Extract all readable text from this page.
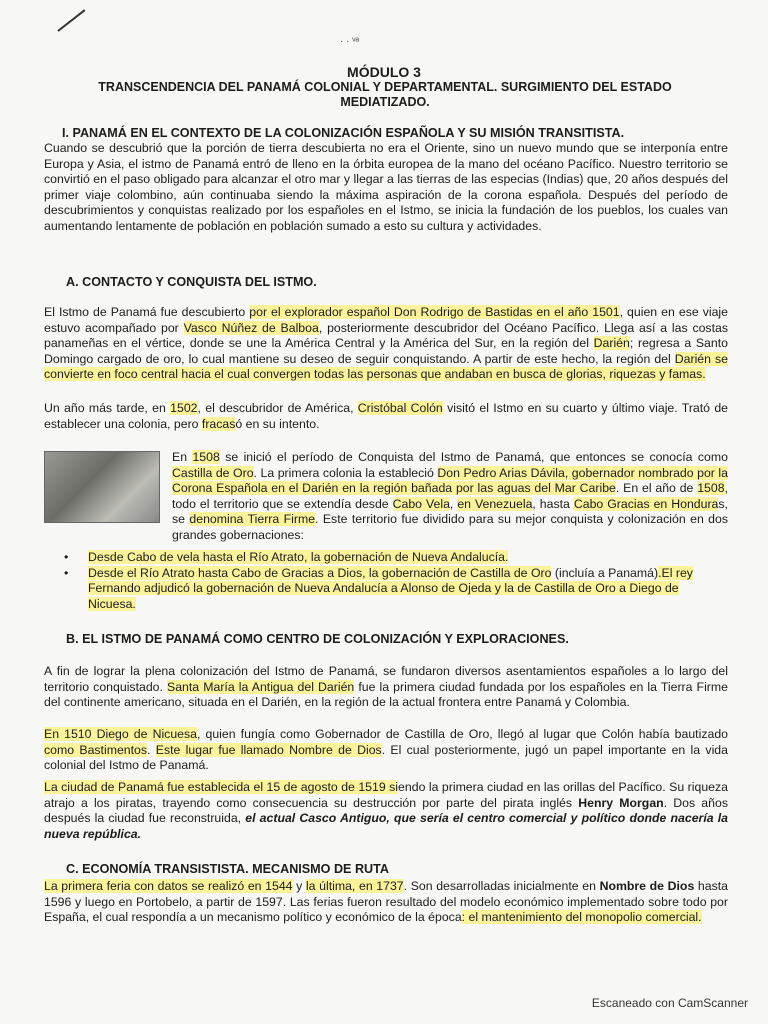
· · ᵛᵃ
MÓDULO 3
TRANSCENDENCIA DEL PANAMÁ COLONIAL Y DEPARTAMENTAL. SURGIMIENTO DEL ESTADO MEDIATIZADO.
I. PANAMÁ EN EL CONTEXTO DE LA COLONIZACIÓN ESPAÑOLA Y SU MISIÓN TRANSITISTA.
Cuando se descubrió que la porción de tierra descubierta no era el Oriente, sino un nuevo mundo que se interponía entre Europa y Asia, el istmo de Panamá entró de lleno en la órbita europea de la mano del océano Pacífico. Nuestro territorio se convirtió en el paso obligado para alcanzar el otro mar y llegar a las tierras de las especias (Indias) que, 20 años después del primer viaje colombino, aún continuaba siendo la máxima aspiración de la corona española. Después del período de descubrimientos y conquistas realizado por los españoles en el Istmo, se inicia la fundación de los pueblos, los cuales van aumentando lentamente de población en población sumado a esto su cultura y actividades.
A. CONTACTO Y CONQUISTA DEL ISTMO.
El Istmo de Panamá fue descubierto por el explorador español Don Rodrigo de Bastidas en el año 1501, quien en ese viaje estuvo acompañado por Vasco Núñez de Balboa, posteriormente descubridor del Océano Pacífico. Llega así a las costas panameñas en el vértice, donde se une la América Central y la América del Sur, en la región del Darién; regresa a Santo Domingo cargado de oro, lo cual mantiene su deseo de seguir conquistando. A partir de este hecho, la región del Darién se convierte en foco central hacia el cual convergen todas las personas que andaban en busca de glorias, riquezas y famas.
Un año más tarde, en 1502, el descubridor de América, Cristóbal Colón visitó el Istmo en su cuarto y último viaje. Trató de establecer una colonia, pero fracasó en su intento.
En 1508 se inició el período de Conquista del Istmo de Panamá, que entonces se conocía como Castilla de Oro. La primera colonia la estableció Don Pedro Arias Dávila, gobernador nombrado por la Corona Española en el Darién en la región bañada por las aguas del Mar Caribe. En el año de 1508, todo el territorio que se extendía desde Cabo Vela, en Venezuela, hasta Cabo Gracias en Honduras, se denomina Tierra Firme. Este territorio fue dividido para su mejor conquista y colonización en dos grandes gobernaciones:
• Desde Cabo de vela hasta el Río Atrato, la gobernación de Nueva Andalucía.
• Desde el Río Atrato hasta Cabo de Gracias a Dios, la gobernación de Castilla de Oro (incluía a Panamá).El rey Fernando adjudicó la gobernación de Nueva Andalucía a Alonso de Ojeda y la de Castilla de Oro a Diego de Nicuesa.
B. EL ISTMO DE PANAMÁ COMO CENTRO DE COLONIZACIÓN Y EXPLORACIONES.
A fin de lograr la plena colonización del Istmo de Panamá, se fundaron diversos asentamientos españoles a lo largo del territorio conquistado. Santa María la Antigua del Darién fue la primera ciudad fundada por los españoles en la Tierra Firme del continente americano, situada en el Darién, en la región de la actual frontera entre Panamá y Colombia.
En 1510 Diego de Nicuesa, quien fungía como Gobernador de Castilla de Oro, llegó al lugar que Colón había bautizado como Bastimentos. Este lugar fue llamado Nombre de Dios. El cual posteriormente, jugó un papel importante en la vida colonial del Istmo de Panamá.
La ciudad de Panamá fue establecida el 15 de agosto de 1519 siendo la primera ciudad en las orillas del Pacífico. Su riqueza atrajo a los piratas, trayendo como consecuencia su destrucción por parte del pirata inglés Henry Morgan. Dos años después la ciudad fue reconstruida, el actual Casco Antiguo, que sería el centro comercial y político donde nacería la nueva república.
C. ECONOMÍA TRANSISTISTA. MECANISMO DE RUTA
La primera feria con datos se realizó en 1544 y la última, en 1737. Son desarrolladas inicialmente en Nombre de Dios hasta 1596 y luego en Portobelo, a partir de 1597. Las ferias fueron resultado del modelo económico implementado sobre todo por España, el cual respondía a un mecanismo político y económico de la época: el mantenimiento del monopolio comercial.
Escaneado con CamScanner
